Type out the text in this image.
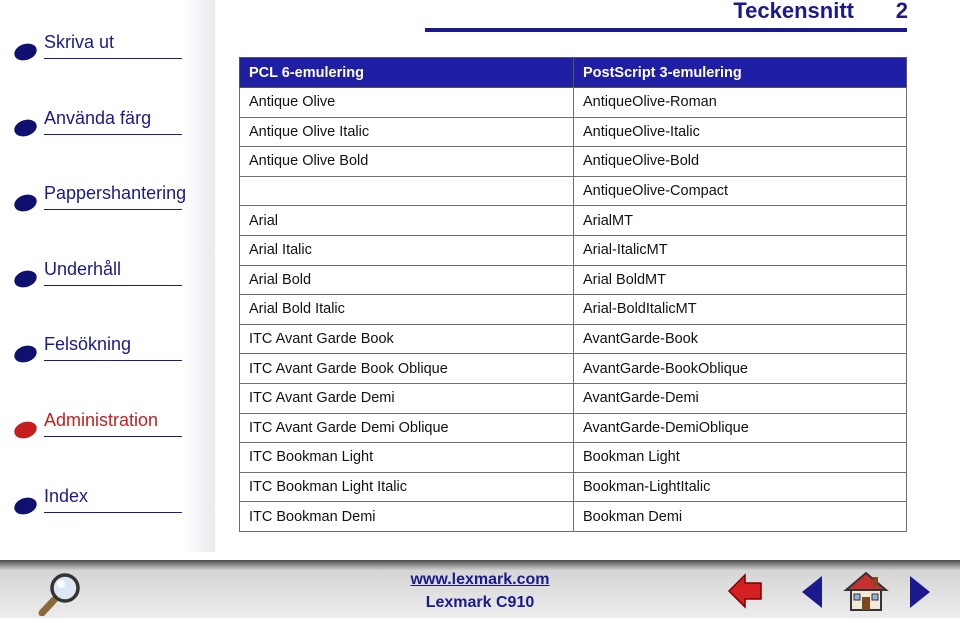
Teckensnitt 2
Skriva ut
Använda färg
Pappershantering
Underhåll
Felsökning
Administration
Index
PCL 6-emulering	PostScript 3-emulering
Antique Olive	AntiqueOlive-Roman
Antique Olive Italic	AntiqueOlive-Italic
Antique Olive Bold	AntiqueOlive-Bold
	AntiqueOlive-Compact
Arial	ArialMT
Arial Italic	Arial-ItalicMT
Arial Bold	Arial BoldMT
Arial Bold Italic	Arial-BoldItalicMT
ITC Avant Garde Book	AvantGarde-Book
ITC Avant Garde Book Oblique	AvantGarde-BookOblique
ITC Avant Garde Demi	AvantGarde-Demi
ITC Avant Garde Demi Oblique	AvantGarde-DemiOblique
ITC Bookman Light	Bookman Light
ITC Bookman Light Italic	Bookman-LightItalic
ITC Bookman Demi	Bookman Demi
www.lexmark.com
Lexmark C910
